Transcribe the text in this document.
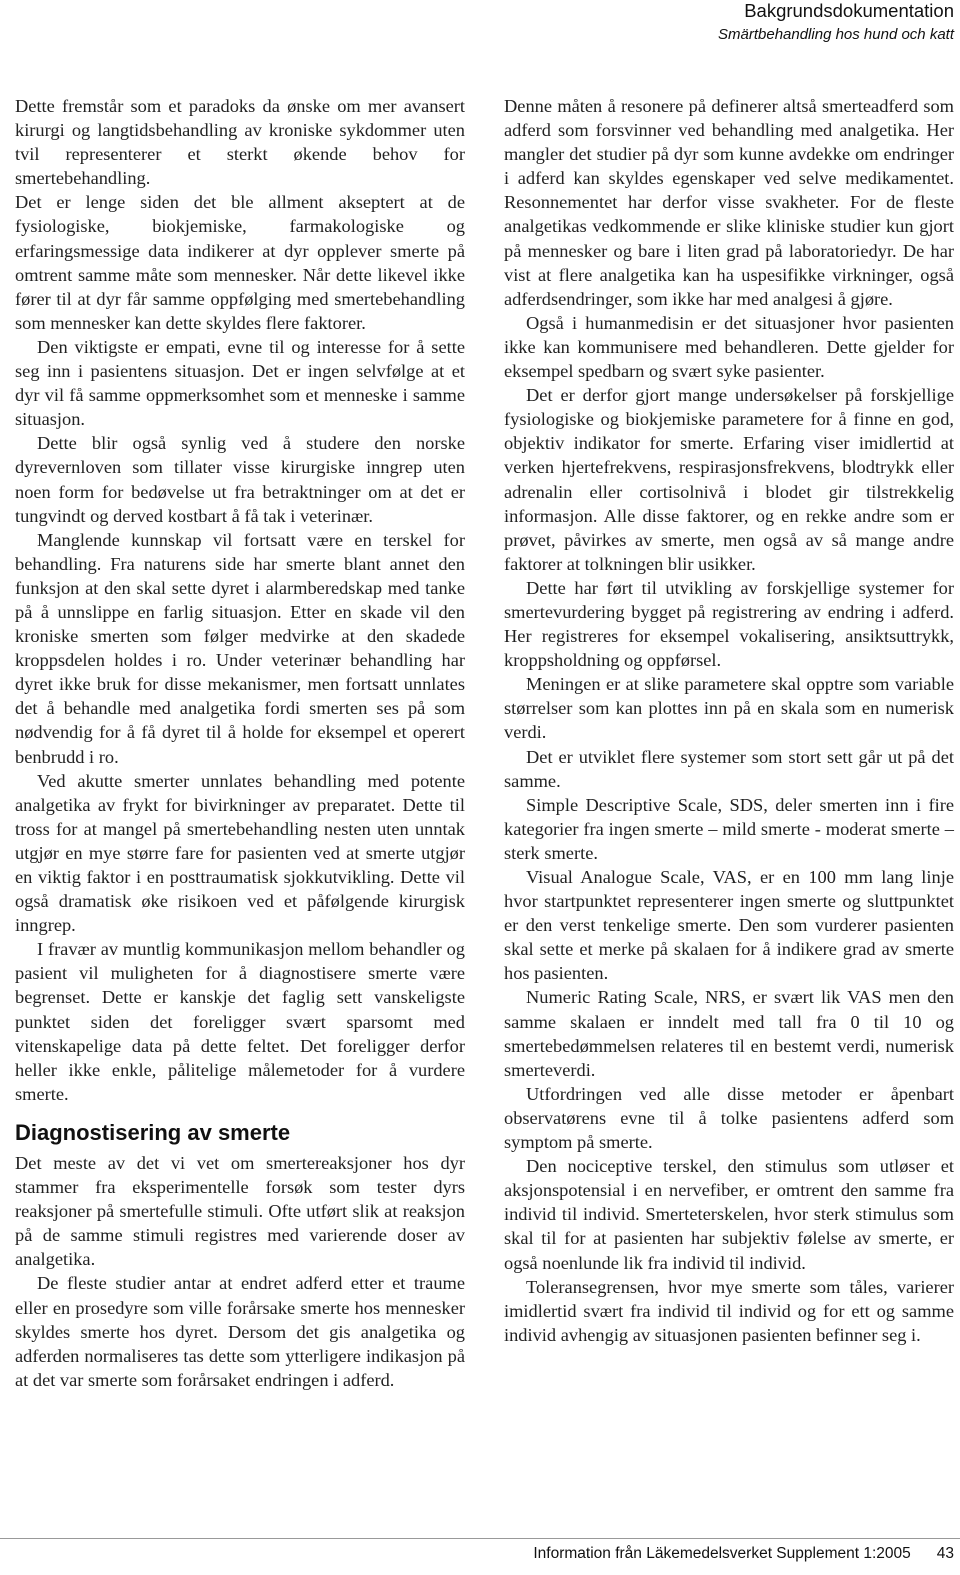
Bakgrundsdokumentation
Smärtbehandling hos hund och katt

Dette fremstår som et paradoks da ønske om mer avansert kirurgi og langtidsbehandling av kroniske sykdommer uten tvil representerer et sterkt økende behov for smertebehandling.

Det er lenge siden det ble allment akseptert at de fysiologiske, biokjemiske, farmakologiske og erfaringsmessige data indikerer at dyr opplever smerte på omtrent samme måte som mennesker. Når dette likevel ikke fører til at dyr får samme oppfølging med smertebehandling som mennesker kan dette skyldes flere faktorer.

Den viktigste er empati, evne til og interesse for å sette seg inn i pasientens situasjon. Det er ingen selvfølge at et dyr vil få samme oppmerksomhet som et menneske i samme situasjon.

Dette blir også synlig ved å studere den norske dyrevernloven som tillater visse kirurgiske inngrep uten noen form for bedøvelse ut fra betraktninger om at det er tungvindt og derved kostbart å få tak i veterinær.

Manglende kunnskap vil fortsatt være en terskel for behandling. Fra naturens side har smerte blant annet den funksjon at den skal sette dyret i alarmberedskap med tanke på å unnslippe en farlig situasjon. Etter en skade vil den kroniske smerten som følger medvirke at den skadede kroppsdelen holdes i ro. Under veterinær behandling har dyret ikke bruk for disse mekanismer, men fortsatt unnlates det å behandle med analgetika fordi smerten ses på som nødvendig for å få dyret til å holde for eksempel et operert benbrudd i ro.

Ved akutte smerter unnlates behandling med potente analgetika av frykt for bivirkninger av preparatet. Dette til tross for at mangel på smertebehandling nesten uten unntak utgjør en mye større fare for pasienten ved at smerte utgjør en viktig faktor i en posttraumatisk sjokkutvikling. Dette vil også dramatisk øke risikoen ved et påfølgende kirurgisk inngrep.

I fravær av muntlig kommunikasjon mellom behandler og pasient vil muligheten for å diagnostisere smerte være begrenset. Dette er kanskje det faglig sett vanskeligste punktet siden det foreligger svært sparsomt med vitenskapelige data på dette feltet. Det foreligger derfor heller ikke enkle, pålitelige målemetoder for å vurdere smerte.

Diagnostisering av smerte

Det meste av det vi vet om smertereaksjoner hos dyr stammer fra eksperimentelle forsøk som tester dyrs reaksjoner på smertefulle stimuli. Ofte utført slik at reaksjon på de samme stimuli registres med varierende doser av analgetika.

De fleste studier antar at endret adferd etter et traume eller en prosedyre som ville forårsake smerte hos mennesker skyldes smerte hos dyret. Dersom det gis analgetika og adferden normaliseres tas dette som ytterligere indikasjon på at det var smerte som forårsaket endringen i adferd.

Denne måten å resonere på definerer altså smerteadferd som adferd som forsvinner ved behandling med analgetika. Her mangler det studier på dyr som kunne avdekke om endringer i adferd kan skyldes egenskaper ved selve medikamentet. Resonnementet har derfor visse svakheter. For de fleste analgetikas vedkommende er slike kliniske studier kun gjort på mennesker og bare i liten grad på laboratoriedyr. De har vist at flere analgetika kan ha uspesifikke virkninger, også adferdsendringer, som ikke har med analgesi å gjøre.

Også i humanmedisin er det situasjoner hvor pasienten ikke kan kommunisere med behandleren. Dette gjelder for eksempel spedbarn og svært syke pasienter.

Det er derfor gjort mange undersøkelser på forskjellige fysiologiske og biokjemiske parametere for å finne en god, objektiv indikator for smerte. Erfaring viser imidlertid at verken hjertefrekvens, respirasjonsfrekvens, blodtrykk eller adrenalin eller cortisolnivå i blodet gir tilstrekkelig informasjon. Alle disse faktorer, og en rekke andre som er prøvet, påvirkes av smerte, men også av så mange andre faktorer at tolkningen blir usikker.

Dette har ført til utvikling av forskjellige systemer for smertevurdering bygget på registrering av endring i adferd. Her registreres for eksempel vokalisering, ansiktsuttrykk, kroppsholdning og oppførsel.

Meningen er at slike parametere skal opptre som variable størrelser som kan plottes inn på en skala som en numerisk verdi.

Det er utviklet flere systemer som stort sett går ut på det samme.

Simple Descriptive Scale, SDS, deler smerten inn i fire kategorier fra ingen smerte – mild smerte - moderat smerte – sterk smerte.

Visual Analogue Scale, VAS, er en 100 mm lang linje hvor startpunktet representerer ingen smerte og sluttpunktet er den verst tenkelige smerte. Den som vurderer pasienten skal sette et merke på skalaen for å indikere grad av smerte hos pasienten.

Numeric Rating Scale, NRS, er svært lik VAS men den samme skalaen er inndelt med tall fra 0 til 10 og smertebedømmelsen relateres til en bestemt verdi, numerisk smerteverdi.

Utfordringen ved alle disse metoder er åpenbart observatørens evne til å tolke pasientens adferd som symptom på smerte.

Den nociceptive terskel, den stimulus som utløser et aksjonspotensial i en nervefiber, er omtrent den samme fra individ til individ. Smerteterskelen, hvor sterk stimulus som skal til for at pasienten har subjektiv følelse av smerte, er også noenlunde lik fra individ til individ.

Toleransegrensen, hvor mye smerte som tåles, varierer imidlertid svært fra individ til individ og for ett og samme individ avhengig av situasjonen pasienten befinner seg i.

Information från Läkemedelsverket Supplement 1:2005 43
